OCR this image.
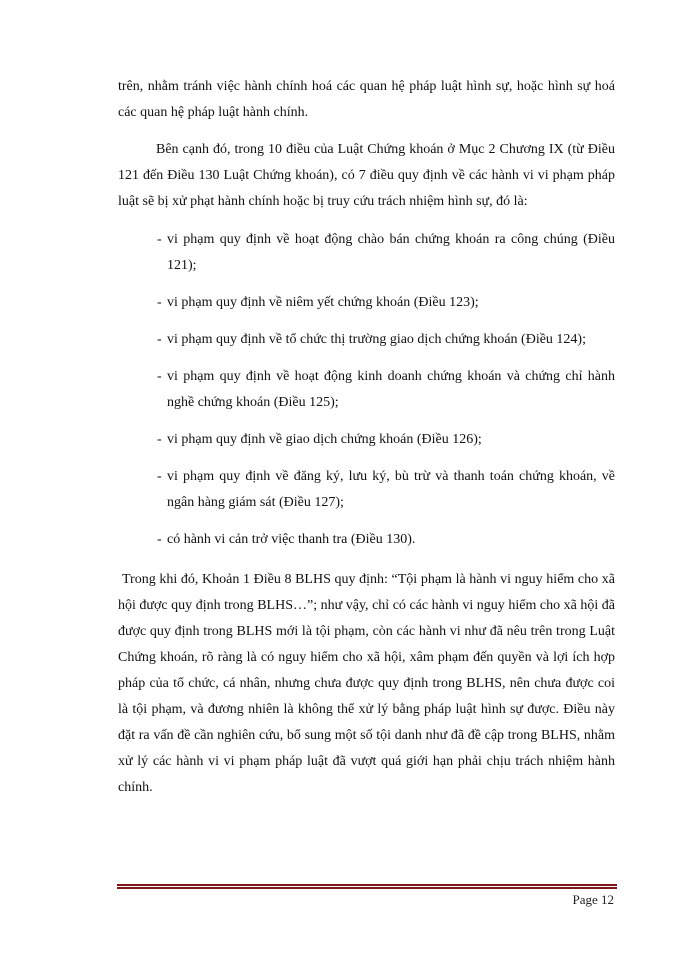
trên, nhằm tránh việc hành chính hoá các quan hệ pháp luật hình sự, hoặc hình sự hoá các quan hệ pháp luật hành chính.

Bên cạnh đó, trong 10 điều của Luật Chứng khoán ở Mục 2 Chương IX (từ Điều 121 đến Điều 130 Luật Chứng khoán), có 7 điều quy định về các hành vi vi phạm pháp luật sẽ bị xử phạt hành chính hoặc bị truy cứu trách nhiệm hình sự, đó là:

- vi phạm quy định về hoạt động chào bán chứng khoán ra công chúng (Điều 121);
- vi phạm quy định về niêm yết chứng khoán (Điều 123);
- vi phạm quy định về tổ chức thị trường giao dịch chứng khoán (Điều 124);
- vi phạm quy định về hoạt động kinh doanh chứng khoán và chứng chỉ hành nghề chứng khoán (Điều 125);
- vi phạm quy định về giao dịch chứng khoán (Điều 126);
- vi phạm quy định về đăng ký, lưu ký, bù trừ và thanh toán chứng khoán, về ngân hàng giám sát (Điều 127);
- có hành vi cản trở việc thanh tra (Điều 130).

Trong khi đó, Khoản 1 Điều 8 BLHS quy định: “Tội phạm là hành vi nguy hiểm cho xã hội được quy định trong BLHS…”; như vậy, chỉ có các hành vi nguy hiểm cho xã hội đã được quy định trong BLHS mới là tội phạm, còn các hành vi như đã nêu trên trong Luật Chứng khoán, rõ ràng là có nguy hiểm cho xã hội, xâm phạm đến quyền và lợi ích hợp pháp của tổ chức, cá nhân, nhưng chưa được quy định trong BLHS, nên chưa được coi là tội phạm, và đương nhiên là không thể xử lý bằng pháp luật hình sự được. Điều này đặt ra vấn đề cần nghiên cứu, bổ sung một số tội danh như đã đề cập trong BLHS, nhằm xử lý các hành vi vi phạm pháp luật đã vượt quá giới hạn phải chịu trách nhiệm hành chính.

Page 12
